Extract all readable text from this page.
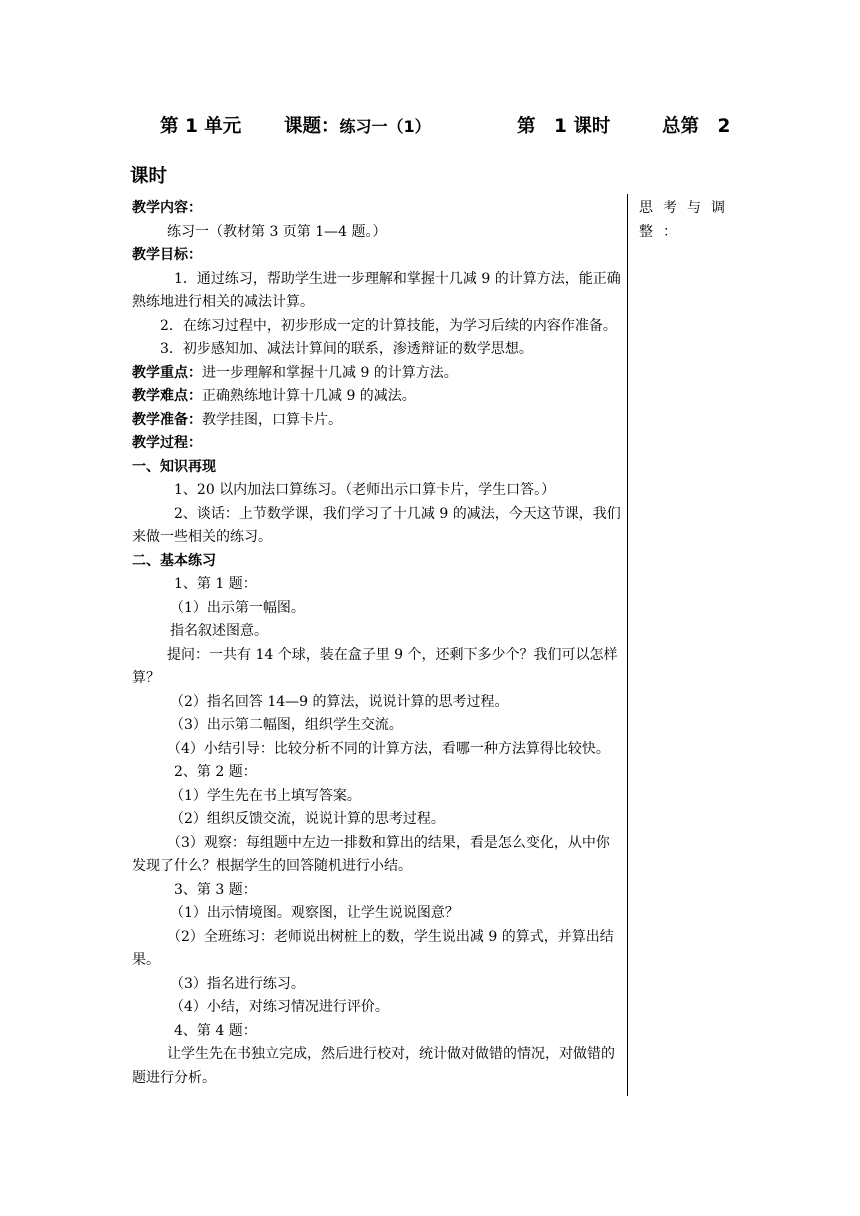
第 1 单元 课题：练习一（1）	第　1 课时	总第　2
课时

教学内容：

练习一（教材第 3 页第 1—4 题。）

教学目标：

1．通过练习，帮助学生进一步理解和掌握十几减 9 的计算方法，能正确熟练地进行相关的减法计算。

2．在练习过程中，初步形成一定的计算技能，为学习后续的内容作准备。

3．初步感知加、减法计算间的联系，渗透辩证的数学思想。

教学重点：进一步理解和掌握十几减 9 的计算方法。

教学难点：正确熟练地计算十几减 9 的减法。

教学准备：教学挂图，口算卡片。

教学过程：

一、知识再现

1、20 以内加法口算练习。（老师出示口算卡片，学生口答。）

2、谈话：上节数学课，我们学习了十几减 9 的减法，今天这节课，我们来做一些相关的练习。

二、基本练习

1、第 1 题：

（1）出示第一幅图。

指名叙述图意。

提问：一共有 14 个球，装在盒子里 9 个，还剩下多少个？我们可以怎样算？

（2）指名回答 14—9 的算法，说说计算的思考过程。

（3）出示第二幅图，组织学生交流。

（4）小结引导：比较分析不同的计算方法，看哪一种方法算得比较快。

2、第 2 题：

（1）学生先在书上填写答案。

（2）组织反馈交流，说说计算的思考过程。

（3）观察：每组题中左边一排数和算出的结果，看是怎么变化，从中你发现了什么？根据学生的回答随机进行小结。

3、第 3 题：

（1）出示情境图。观察图，让学生说说图意？

（2）全班练习：老师说出树桩上的数，学生说出减 9 的算式，并算出结果。

（3）指名进行练习。

（4）小结，对练习情况进行评价。

4、第 4 题：

让学生先在书独立完成，然后进行校对，统计做对做错的情况，对做错的题进行分析。

思考与调
整：
